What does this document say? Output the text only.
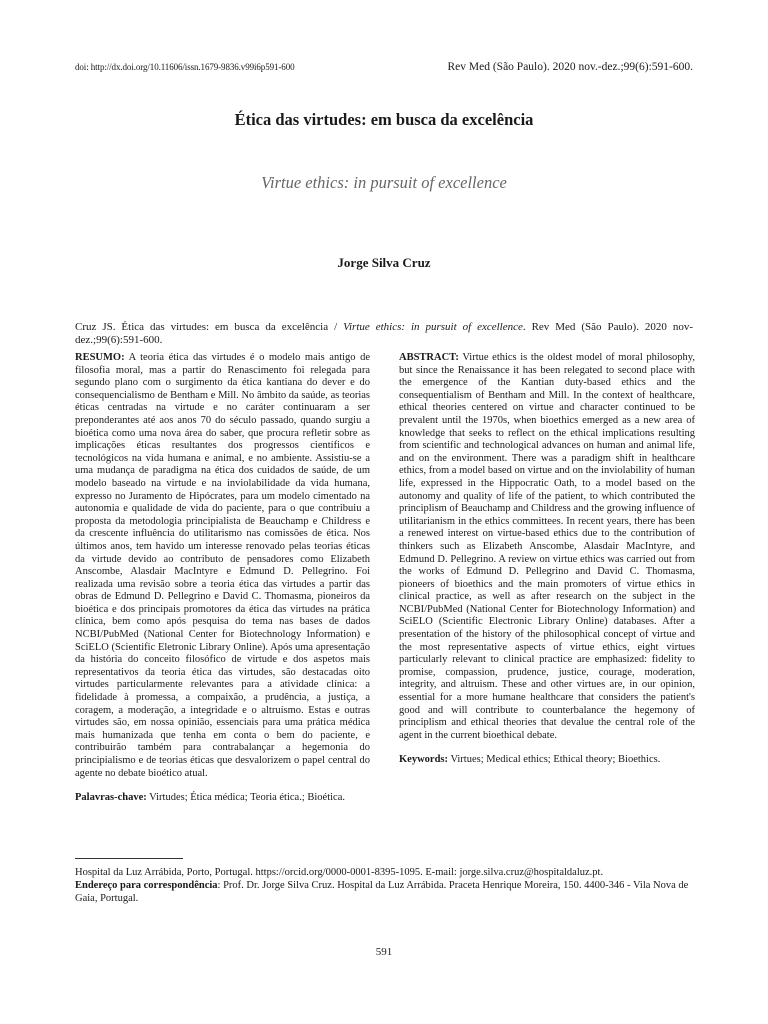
doi: http://dx.doi.org/10.11606/issn.1679-9836.v99i6p591-600	Rev Med (São Paulo). 2020 nov.-dez.;99(6):591-600.
Ética das virtudes: em busca da excelência
Virtue ethics: in pursuit of excellence
Jorge Silva Cruz
Cruz JS. Ética das virtudes: em busca da excelência / Virtue ethics: in pursuit of excellence. Rev Med (São Paulo). 2020 nov-dez.;99(6):591-600.
RESUMO: A teoria ética das virtudes é o modelo mais antigo de filosofia moral, mas a partir do Renascimento foi relegada para segundo plano com o surgimento da ética kantiana do dever e do consequencialismo de Bentham e Mill. No âmbito da saúde, as teorias éticas centradas na virtude e no caráter continuaram a ser preponderantes até aos anos 70 do século passado, quando surgiu a bioética como uma nova área do saber, que procura refletir sobre as implicações éticas resultantes dos progressos científicos e tecnológicos na vida humana e animal, e no ambiente. Assistiu-se a uma mudança de paradigma na ética dos cuidados de saúde, de um modelo baseado na virtude e na inviolabilidade da vida humana, expresso no Juramento de Hipócrates, para um modelo cimentado na autonomia e qualidade de vida do paciente, para o que contribuiu a proposta da metodologia principialista de Beauchamp e Childress e da crescente influência do utilitarismo nas comissões de ética. Nos últimos anos, tem havido um interesse renovado pelas teorias éticas da virtude devido ao contributo de pensadores como Elizabeth Anscombe, Alasdair MacIntyre e Edmund D. Pellegrino. Foi realizada uma revisão sobre a teoria ética das virtudes a partir das obras de Edmund D. Pellegrino e David C. Thomasma, pioneiros da bioética e dos principais promotores da ética das virtudes na prática clínica, bem como após pesquisa do tema nas bases de dados NCBI/PubMed (National Center for Biotechnology Information) e SciELO (Scientific Eletronic Library Online). Após uma apresentação da história do conceito filosófico de virtude e dos aspetos mais representativos da teoria ética das virtudes, são destacadas oito virtudes particularmente relevantes para a atividade clínica: a fidelidade à promessa, a compaixão, a prudência, a justiça, a coragem, a moderação, a integridade e o altruísmo. Estas e outras virtudes são, em nossa opinião, essenciais para uma prática médica mais humanizada que tenha em conta o bem do paciente, e contribuirão também para contrabalançar a hegemonia do principialismo e de teorias éticas que desvalorizem o papel central do agente no debate bioético atual.
Palavras-chave: Virtudes; Ética médica; Teoria ética.; Bioética.
ABSTRACT: Virtue ethics is the oldest model of moral philosophy, but since the Renaissance it has been relegated to second place with the emergence of the Kantian duty-based ethics and the consequentialism of Bentham and Mill. In the context of healthcare, ethical theories centered on virtue and character continued to be prevalent until the 1970s, when bioethics emerged as a new area of knowledge that seeks to reflect on the ethical implications resulting from scientific and technological advances on human and animal life, and on the environment. There was a paradigm shift in healthcare ethics, from a model based on virtue and on the inviolability of human life, expressed in the Hippocratic Oath, to a model based on the autonomy and quality of life of the patient, to which contributed the principlism of Beauchamp and Childress and the growing influence of utilitarianism in the ethics committees. In recent years, there has been a renewed interest on virtue-based ethics due to the contribution of thinkers such as Elizabeth Anscombe, Alasdair MacIntyre, and Edmund D. Pellegrino. A review on virtue ethics was carried out from the works of Edmund D. Pellegrino and David C. Thomasma, pioneers of bioethics and the main promoters of virtue ethics in clinical practice, as well as after research on the subject in the NCBI/PubMed (National Center for Biotechnology Information) and SciELO (Scientific Electronic Library Online) databases. After a presentation of the history of the philosophical concept of virtue and the most representative aspects of virtue ethics, eight virtues particularly relevant to clinical practice are emphasized: fidelity to promise, compassion, prudence, justice, courage, moderation, integrity, and altruism. These and other virtues are, in our opinion, essential for a more humane healthcare that considers the patient's good and will contribute to counterbalance the hegemony of principlism and ethical theories that devalue the central role of the agent in the current bioethical debate.
Keywords: Virtues; Medical ethics; Ethical theory; Bioethics.
Hospital da Luz Arrábida, Porto, Portugal. https://orcid.org/0000-0001-8395-1095. E-mail: jorge.silva.cruz@hospitaldaluz.pt.
Endereço para correspondência: Prof. Dr. Jorge Silva Cruz. Hospital da Luz Arrábida. Praceta Henrique Moreira, 150. 4400-346 - Vila Nova de Gaia, Portugal.
591
